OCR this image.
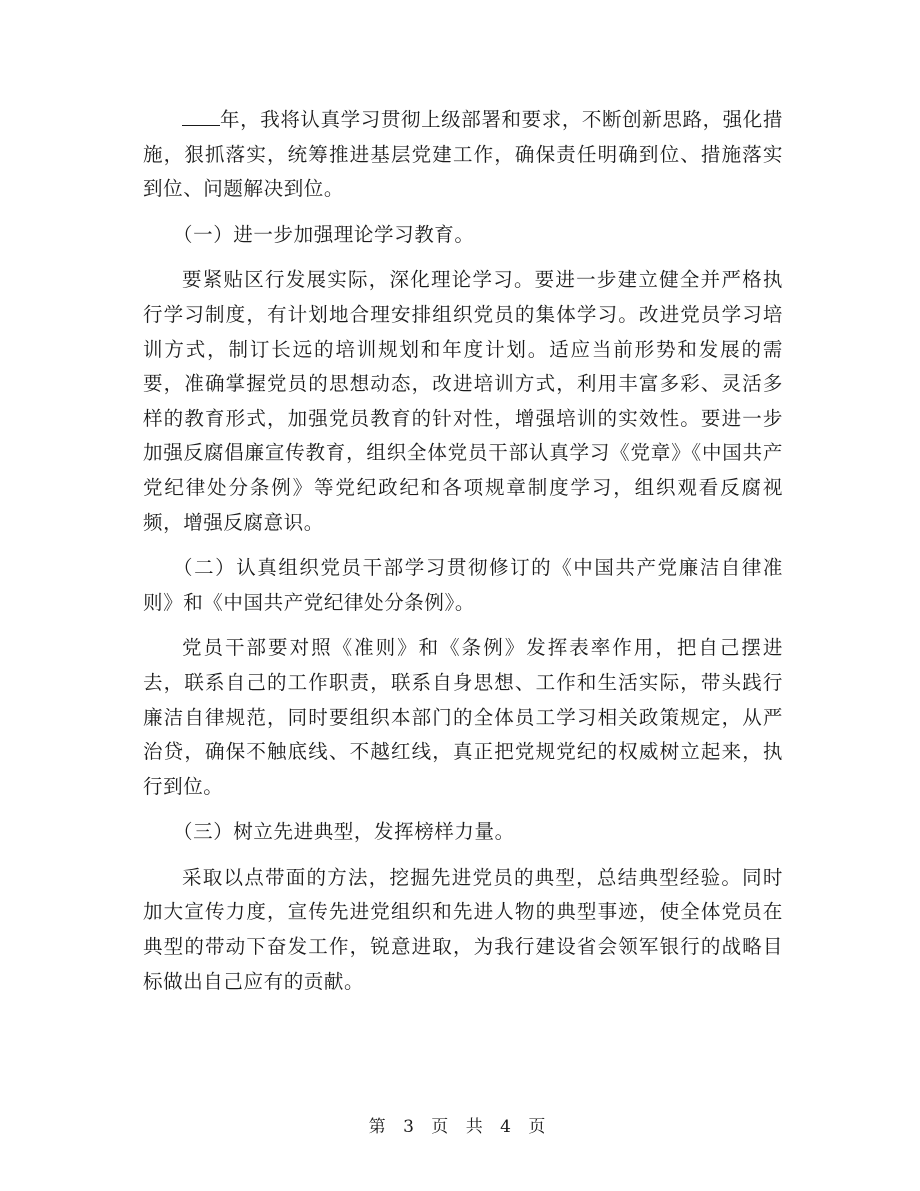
年，我将认真学习贯彻上级部署和要求，不断创新思路，强化措施，狠抓落实，统筹推进基层党建工作，确保责任明确到位、措施落实到位、问题解决到位。

（一）进一步加强理论学习教育。

要紧贴区行发展实际，深化理论学习。要进一步建立健全并严格执行学习制度，有计划地合理安排组织党员的集体学习。改进党员学习培训方式，制订长远的培训规划和年度计划。适应当前形势和发展的需要，准确掌握党员的思想动态，改进培训方式，利用丰富多彩、灵活多样的教育形式，加强党员教育的针对性，增强培训的实效性。要进一步加强反腐倡廉宣传教育，组织全体党员干部认真学习《党章》《中国共产党纪律处分条例》等党纪政纪和各项规章制度学习，组织观看反腐视频，增强反腐意识。

（二）认真组织党员干部学习贯彻修订的《中国共产党廉洁自律准则》和《中国共产党纪律处分条例》。

党员干部要对照《准则》和《条例》发挥表率作用，把自己摆进去，联系自己的工作职责，联系自身思想、工作和生活实际，带头践行廉洁自律规范，同时要组织本部门的全体员工学习相关政策规定，从严治贷，确保不触底线、不越红线，真正把党规党纪的权威树立起来，执行到位。

（三）树立先进典型，发挥榜样力量。

采取以点带面的方法，挖掘先进党员的典型，总结典型经验。同时加大宣传力度，宣传先进党组织和先进人物的典型事迹，使全体党员在典型的带动下奋发工作，锐意进取，为我行建设省会领军银行的战略目标做出自己应有的贡献。

第 3 页 共 4 页
